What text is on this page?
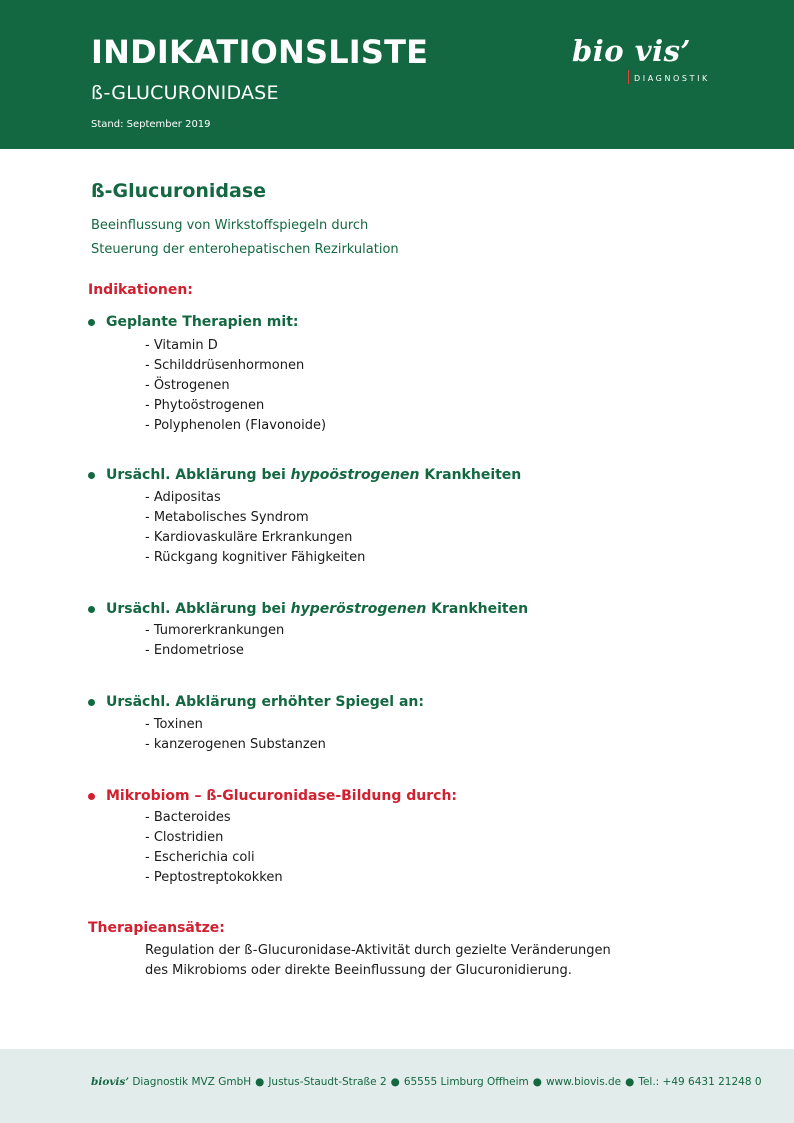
INDIKATIONSLISTE
ß-GLUCURONIDASE
Stand: September 2019
bio vis’
DIAGNOSTIK
ß-Glucuronidase
Beeinflussung von Wirkstoffspiegeln durch
Steuerung der enterohepatischen Rezirkulation
Indikationen:
Geplante Therapien mit:
- Vitamin D
- Schilddrüsenhormonen
- Östrogenen
- Phytoöstrogenen
- Polyphenolen (Flavonoide)
Ursächl. Abklärung bei hypoöstrogenen Krankheiten
- Adipositas
- Metabolisches Syndrom
- Kardiovaskuläre Erkrankungen
- Rückgang kognitiver Fähigkeiten
Ursächl. Abklärung bei hyperöstrogenen Krankheiten
- Tumorerkrankungen
- Endometriose
Ursächl. Abklärung erhöhter Spiegel an:
- Toxinen
- kanzerogenen Substanzen
Mikrobiom – ß-Glucuronidase-Bildung durch:
- Bacteroides
- Clostridien
- Escherichia coli
- Peptostreptokokken
Therapieansätze:
Regulation der ß-Glucuronidase-Aktivität durch gezielte Veränderungen
des Mikrobioms oder direkte Beeinflussung der Glucuronidierung.
biovis’ Diagnostik MVZ GmbH ● Justus-Staudt-Straße 2 ● 65555 Limburg Offheim ● www.biovis.de ● Tel.: +49 6431 21248 0
